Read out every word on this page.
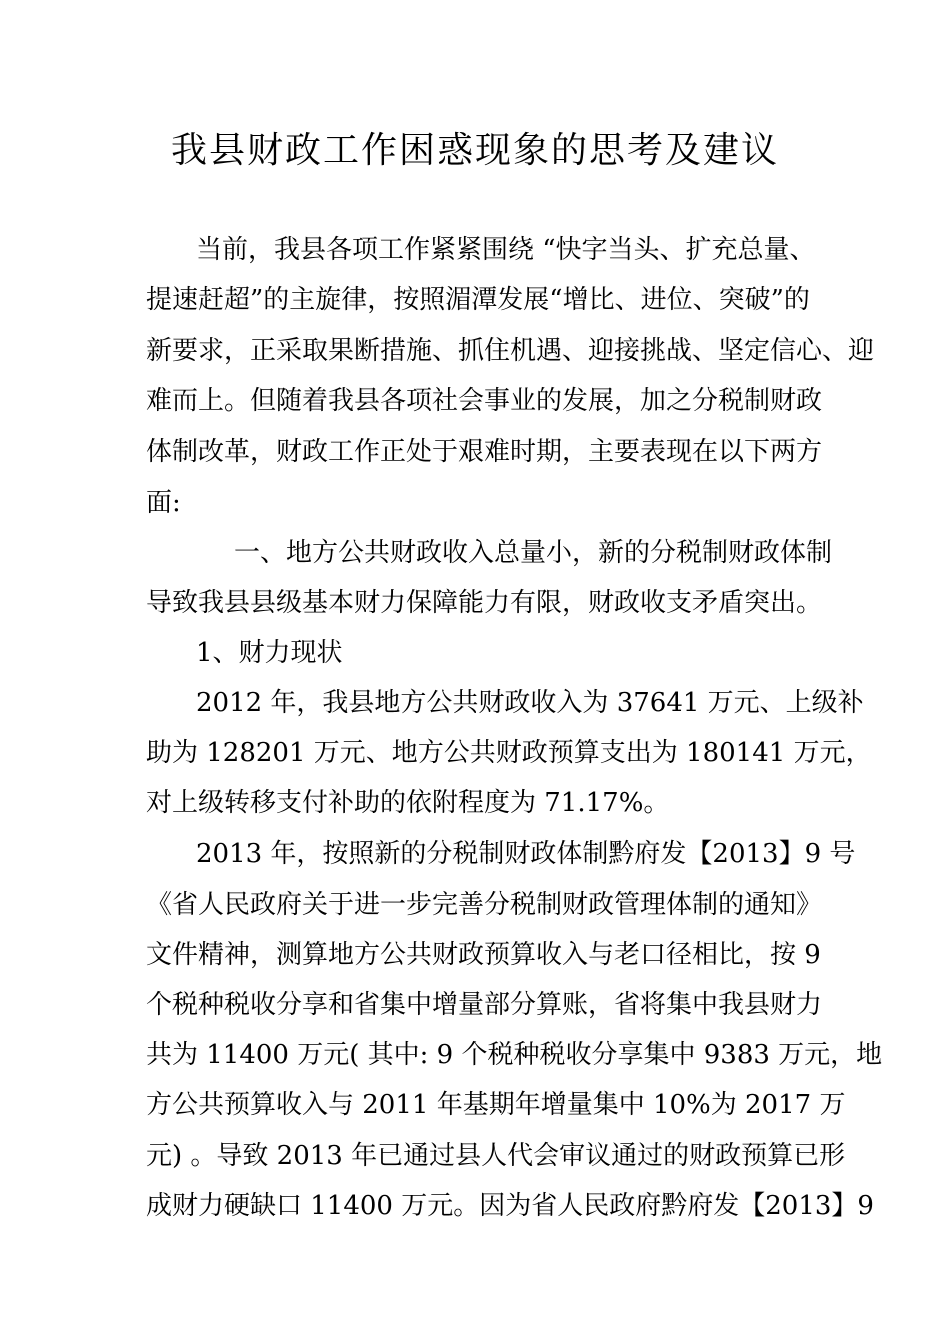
我县财政工作困惑现象的思考及建议
当前，我县各项工作紧紧围绕 “快字当头、扩充总量、
提速赶超”的主旋律，按照湄潭发展“增比、进位、突破”的
新要求，正采取果断措施、抓住机遇、迎接挑战、坚定信心、迎
难而上。但随着我县各项社会事业的发展，加之分税制财政
体制改革，财政工作正处于艰难时期，主要表现在以下两方
面:
一、地方公共财政收入总量小，新的分税制财政体制
导致我县县级基本财力保障能力有限，财政收支矛盾突出。
1、财力现状
2012 年，我县地方公共财政收入为 37641 万元、上级补
助为 128201 万元、地方公共财政预算支出为 180141 万元，
对上级转移支付补助的依附程度为 71.17%。
2013 年，按照新的分税制财政体制黔府发【2013】9 号
《省人民政府关于进一步完善分税制财政管理体制的通知》
文件精神，测算地方公共财政预算收入与老口径相比，按 9
个税种税收分享和省集中增量部分算账，省将集中我县财力
共为 11400 万元( 其中: 9 个税种税收分享集中 9383 万元，地
方公共预算收入与 2011 年基期年增量集中 10%为 2017 万
元) 。导致 2013 年已通过县人代会审议通过的财政预算已形
成财力硬缺口 11400 万元。因为省人民政府黔府发【2013】9
